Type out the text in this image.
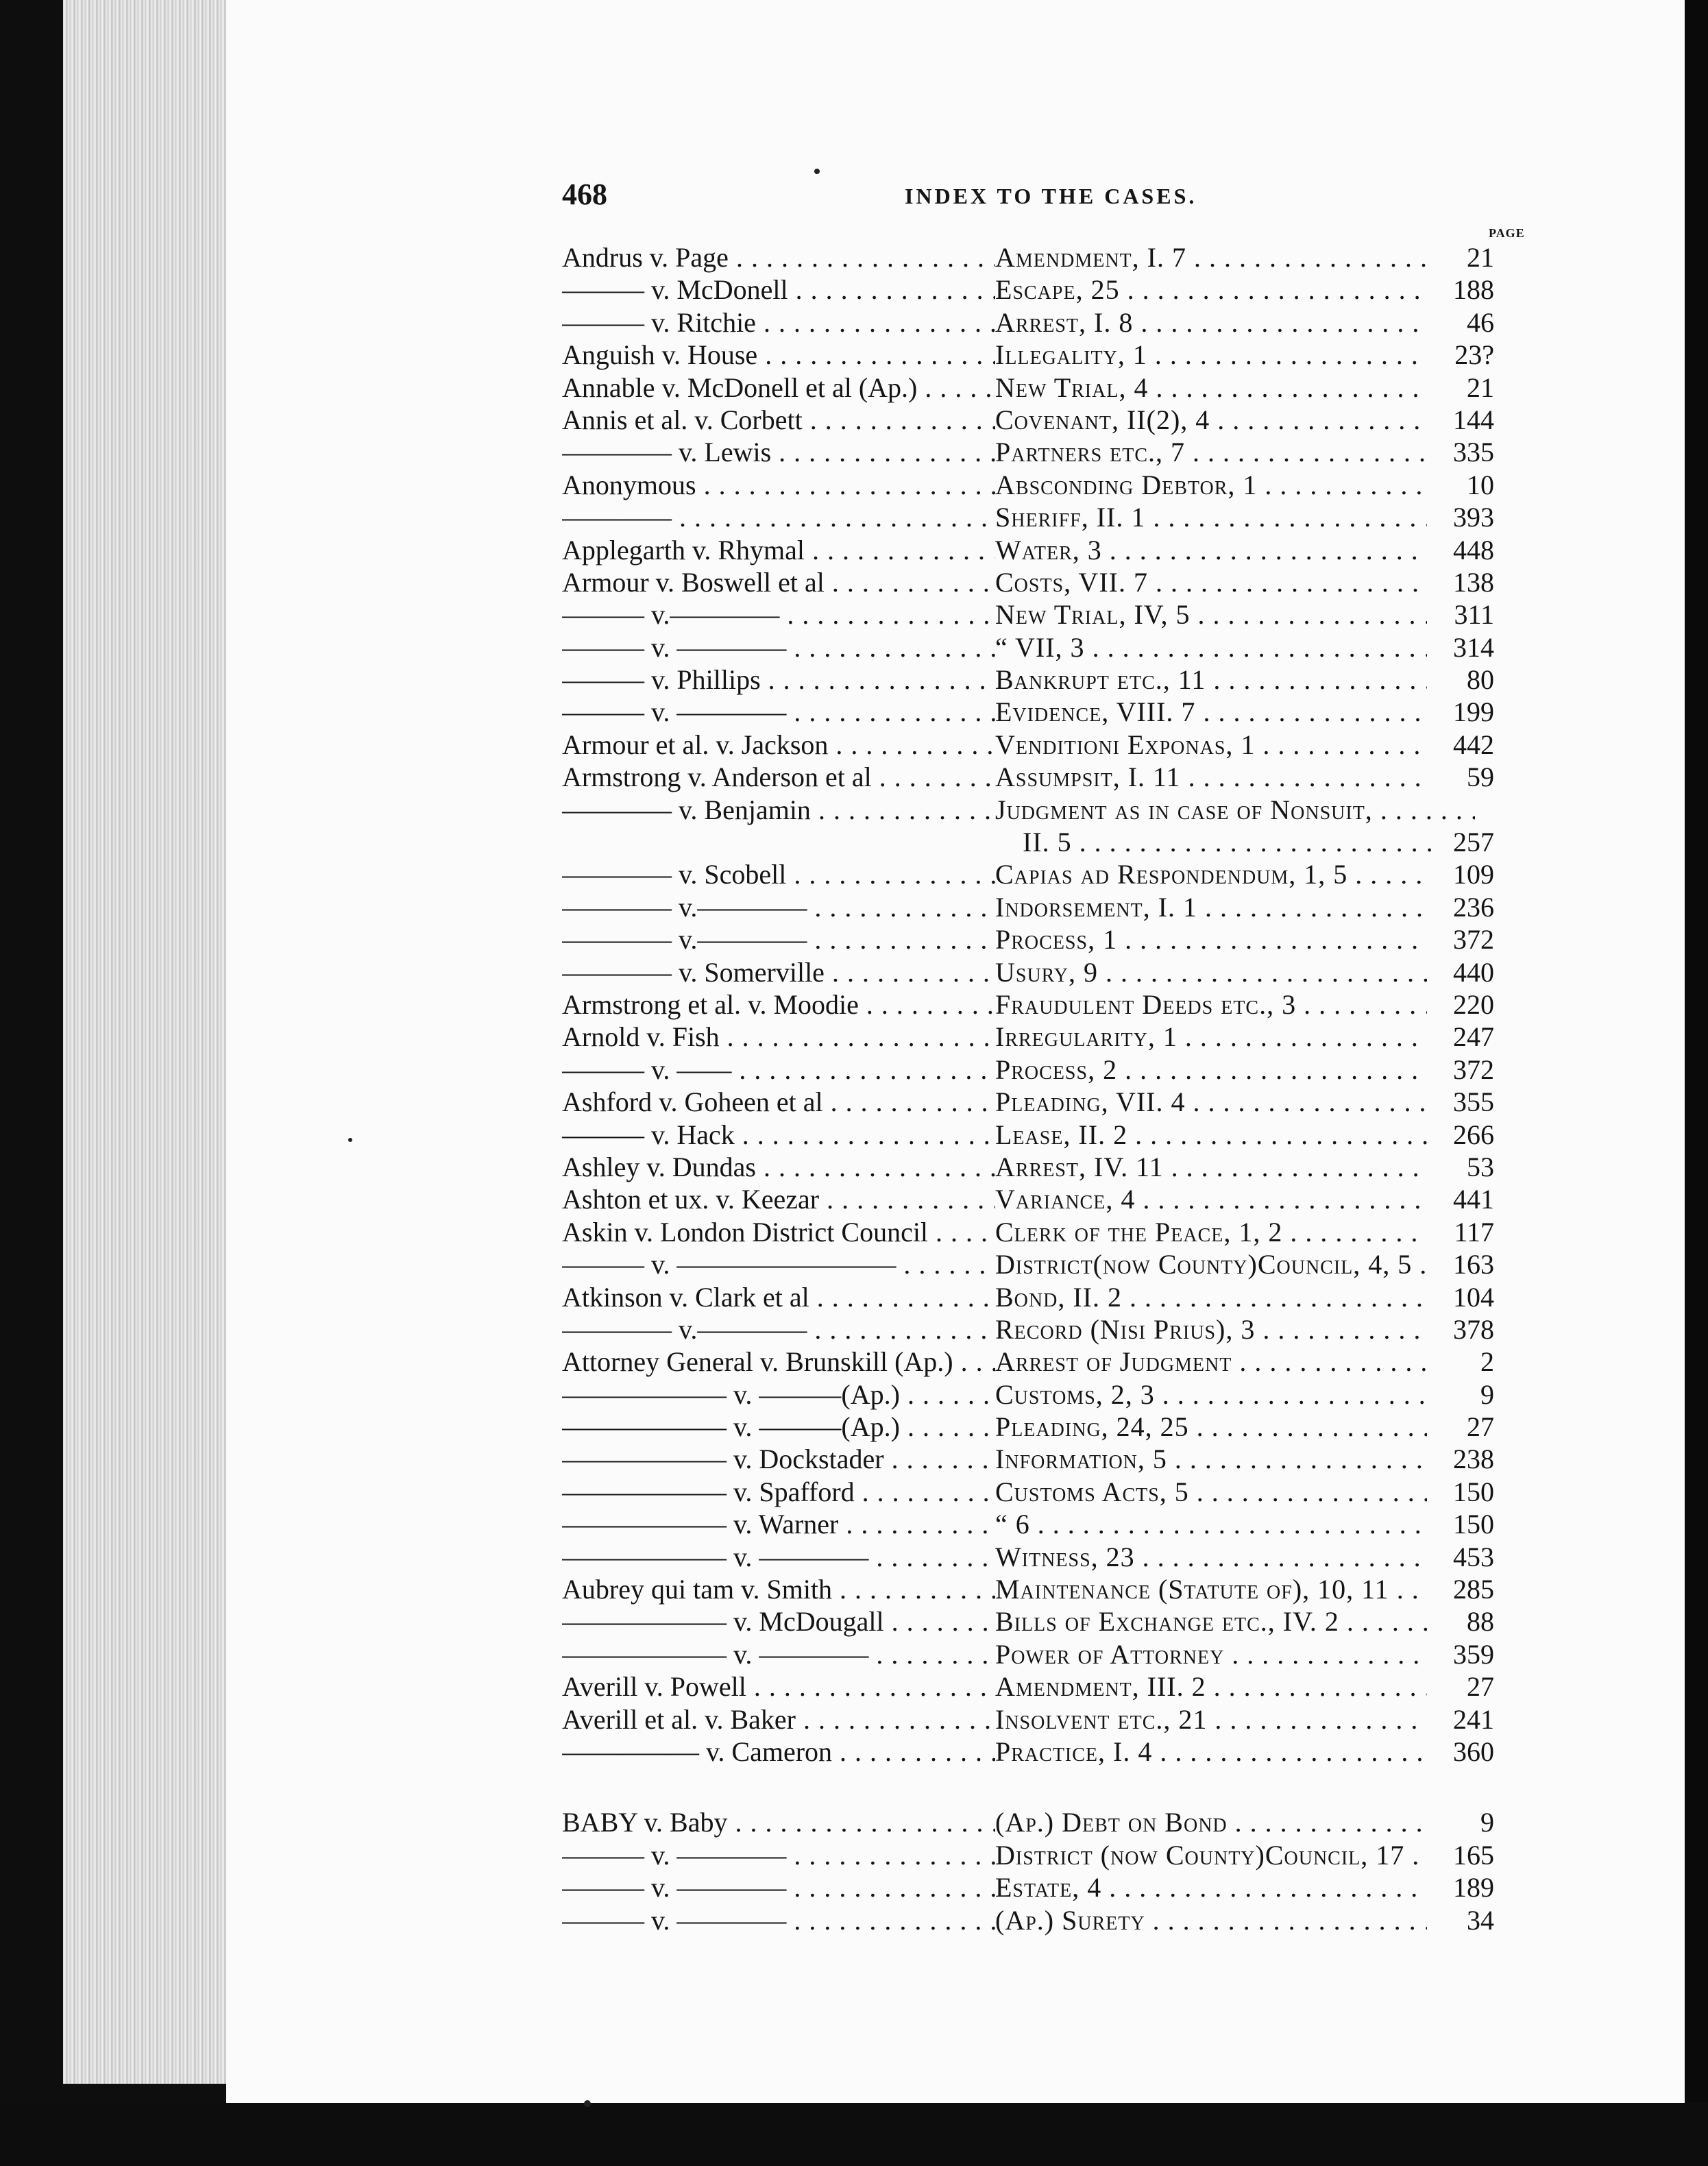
468	INDEX TO THE CASES.
PAGE
Andrus v. Page . . .	Amendment, I. 7 . . .	21
——— v. McDonell . . .	Escape, 25 . . .	188
——— v. Ritchie . . .	Arrest, I. 8 . . .	46
Anguish v. House . . .	Illegality, 1 . . .	23?
Annable v. McDonell et al (Ap.) . . .	New Trial, 4 . . .	21
Annis et al. v. Corbett . . .	Covenant, II(2), 4 . . .	144
———— v. Lewis . . .	Partners etc., 7 . . .	335
Anonymous . . .	Absconding Debtor, 1 . . .	10
———— . . .	Sheriff, II. 1 . . .	393
Applegarth v. Rhymal . . .	Water, 3 . . .	448
Armour v. Boswell et al . . .	Costs, VII. 7 . . .	138
——— v.———— . . .	New Trial, IV, 5 . . .	311
——— v. ———— . . .	“ VII, 3 . . .	314
——— v. Phillips . . .	Bankrupt etc., 11 . . .	80
——— v. ———— . . .	Evidence, VIII. 7 . . .	199
Armour et al. v. Jackson . . .	Venditioni Exponas, 1 . . .	442
Armstrong v. Anderson et al . . .	Assumpsit, I. 11 . . .	59
———— v. Benjamin . . .	Judgment as in case of Nonsuit, . . .
II. 5 . . .	257
———— v. Scobell . . .	Capias ad Respondendum, 1, 5 . . .	109
———— v.———— . . .	Indorsement, I. 1 . . .	236
———— v.———— . . .	Process, 1 . . .	372
———— v. Somerville . . .	Usury, 9 . . .	440
Armstrong et al. v. Moodie . . .	Fraudulent Deeds etc., 3 . . .	220
Arnold v. Fish . . .	Irregularity, 1 . . .	247
——— v. —— . . .	Process, 2 . . .	372
Ashford v. Goheen et al . . .	Pleading, VII. 4 . . .	355
——— v. Hack . . .	Lease, II. 2 . . .	266
Ashley v. Dundas . . .	Arrest, IV. 11 . . .	53
Ashton et ux. v. Keezar . . .	Variance, 4 . . .	441
Askin v. London District Council . . .	Clerk of the Peace, 1, 2 . . .	117
——— v. ———————— . . .	District(now County)Council, 4, 5 . . .	163
Atkinson v. Clark et al . . .	Bond, II. 2 . . .	104
———— v.———— . . .	Record (Nisi Prius), 3 . . .	378
Attorney General v. Brunskill (Ap.) . . .	Arrest of Judgment . . .	2
—————— v. ———(Ap.) . . .	Customs, 2, 3 . . .	9
—————— v. ———(Ap.) . . .	Pleading, 24, 25 . . .	27
—————— v. Dockstader . . .	Information, 5 . . .	238
—————— v. Spafford . . .	Customs Acts, 5 . . .	150
—————— v. Warner . . .	“ 6 . . .	150
—————— v. ———— . . .	Witness, 23 . . .	453
Aubrey qui tam v. Smith . . .	Maintenance (Statute of), 10, 11 . . .	285
—————— v. McDougall . . .	Bills of Exchange etc., IV. 2 . . .	88
—————— v. ———— . . .	Power of Attorney . . .	359
Averill v. Powell . . .	Amendment, III. 2 . . .	27
Averill et al. v. Baker . . .	Insolvent etc., 21 . . .	241
————— v. Cameron . . .	Practice, I. 4 . . .	360
BABY v. Baby . . .	(Ap.) Debt on Bond . . .	9
——— v. ———— . . .	District (now County)Council, 17 . . .	165
——— v. ———— . . .	Estate, 4 . . .	189
——— v. ———— . . .	(Ap.) Surety . . .	34
